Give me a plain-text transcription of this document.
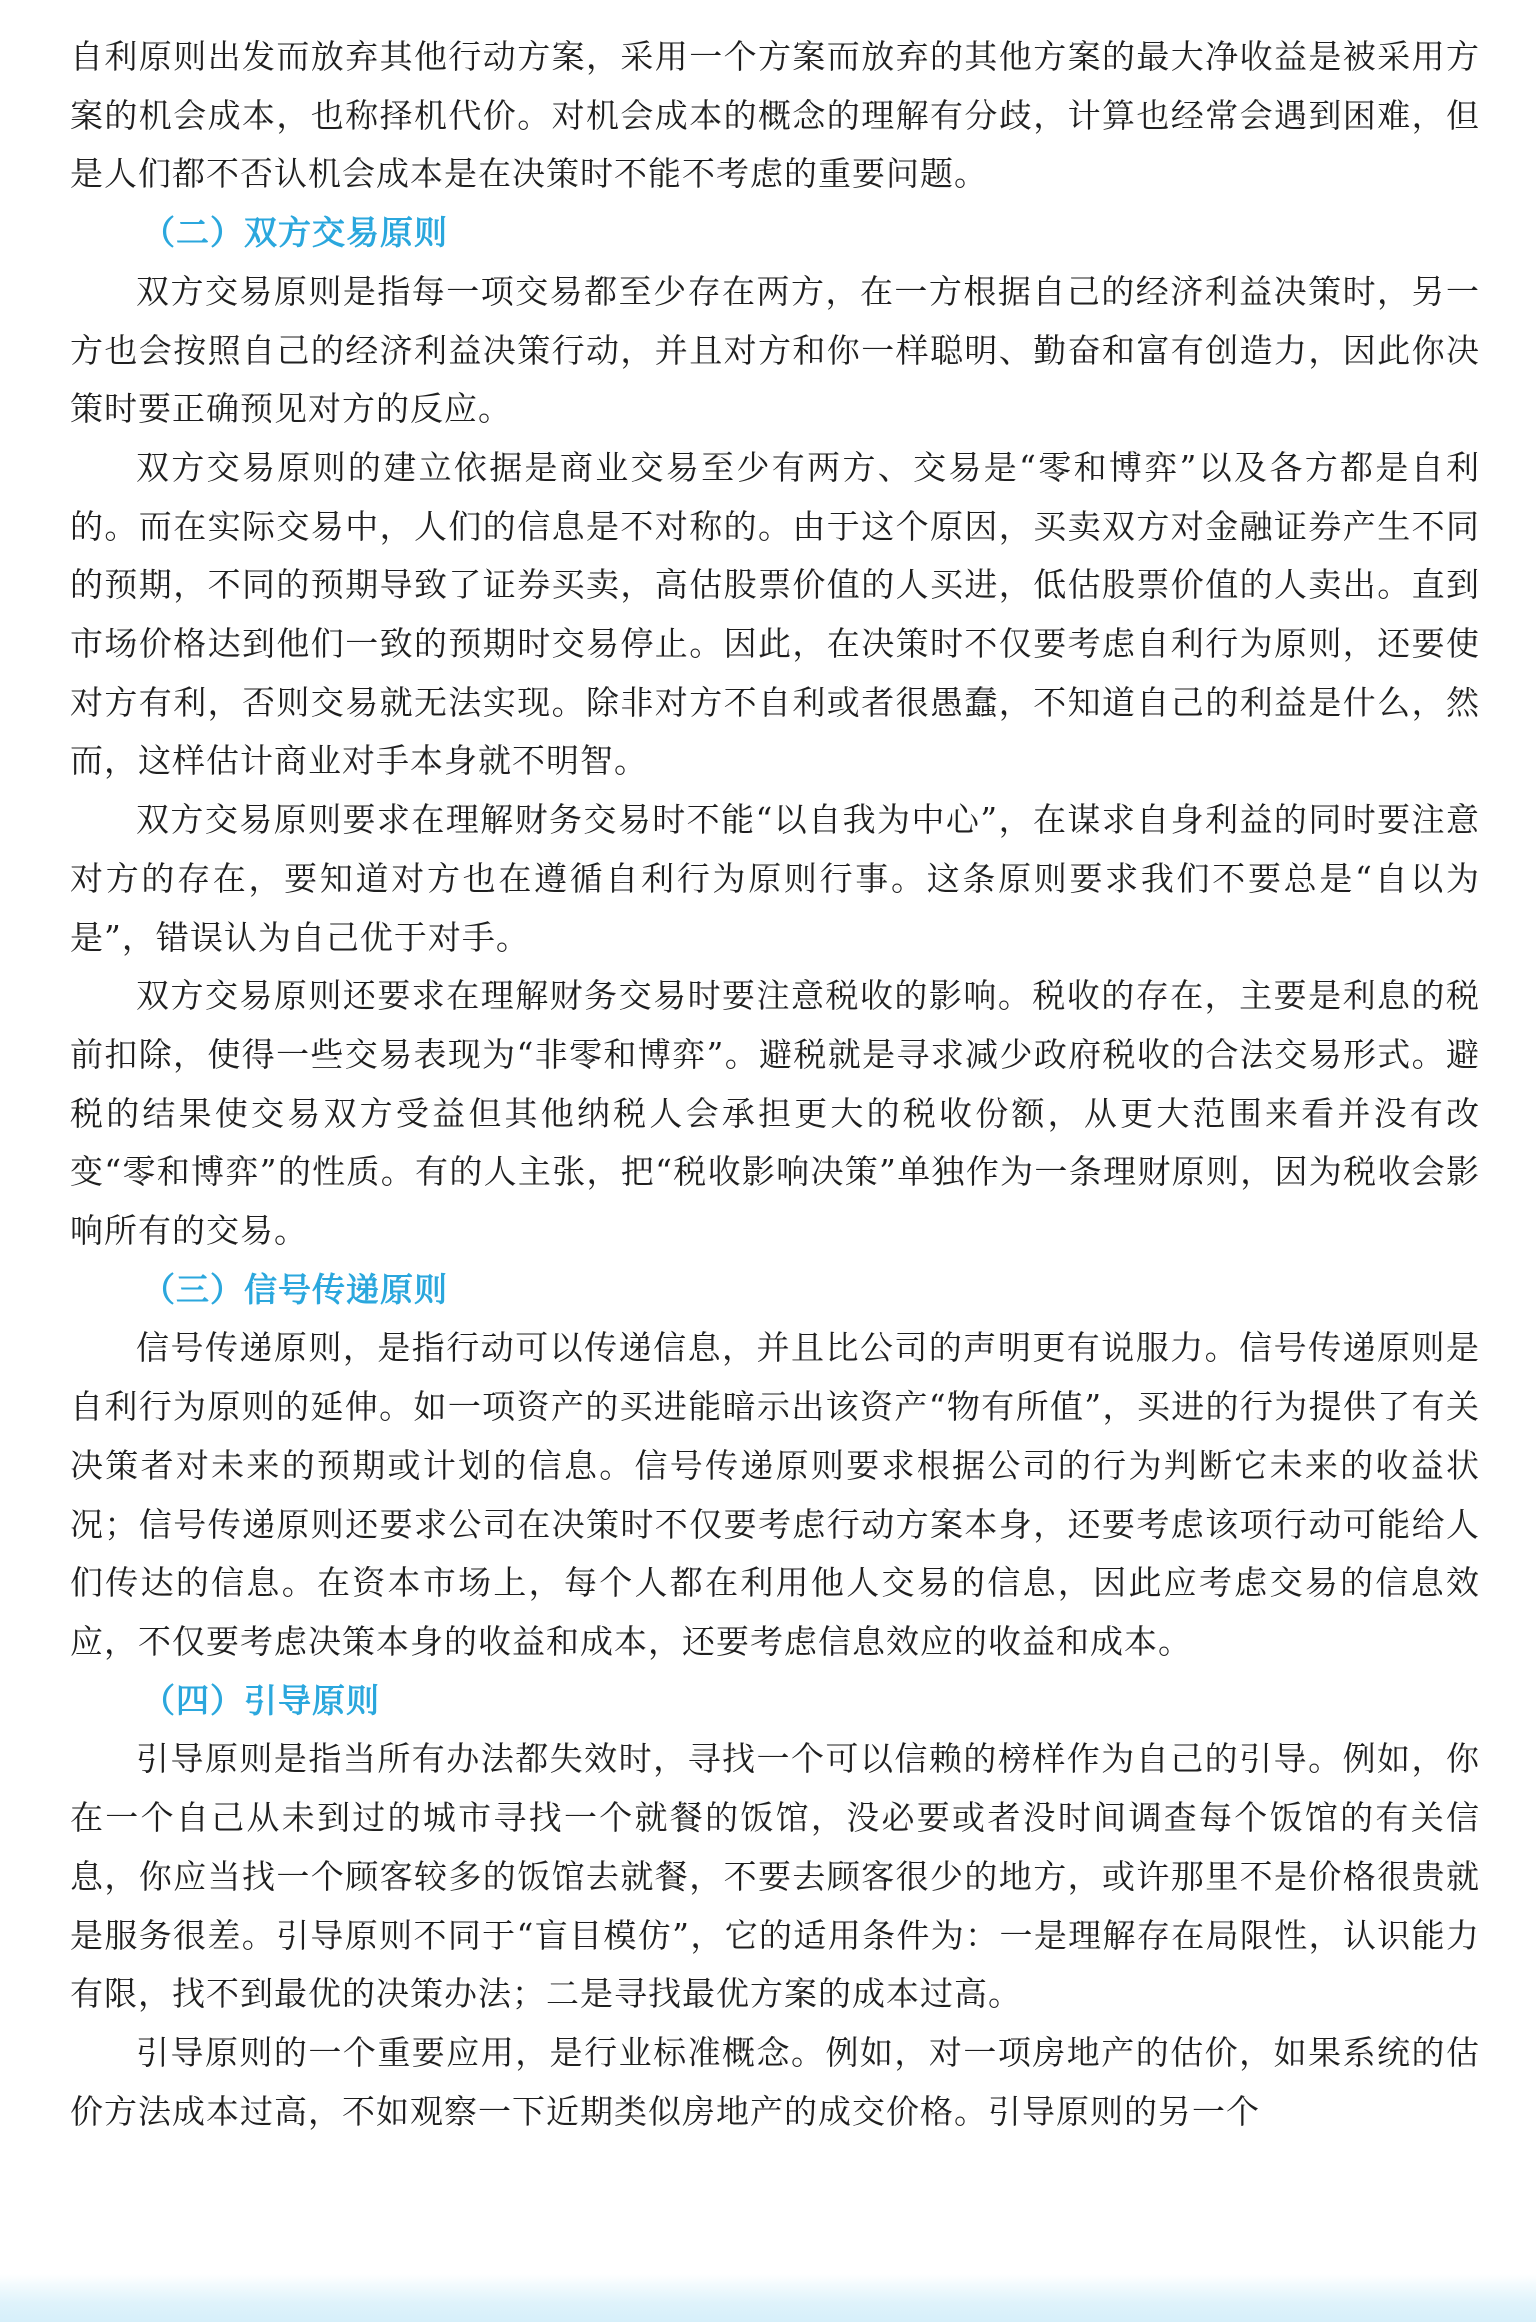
自利原则出发而放弃其他行动方案，采用一个方案而放弃的其他方案的最大净收益是被采用方案的机会成本，也称择机代价。对机会成本的概念的理解有分歧，计算也经常会遇到困难，但是人们都不否认机会成本是在决策时不能不考虑的重要问题。

（二）双方交易原则

双方交易原则是指每一项交易都至少存在两方，在一方根据自己的经济利益决策时，另一方也会按照自己的经济利益决策行动，并且对方和你一样聪明、勤奋和富有创造力，因此你决策时要正确预见对方的反应。

双方交易原则的建立依据是商业交易至少有两方、交易是“零和博弈”以及各方都是自利的。而在实际交易中，人们的信息是不对称的。由于这个原因，买卖双方对金融证券产生不同的预期，不同的预期导致了证券买卖，高估股票价值的人买进，低估股票价值的人卖出。直到市场价格达到他们一致的预期时交易停止。因此，在决策时不仅要考虑自利行为原则，还要使对方有利，否则交易就无法实现。除非对方不自利或者很愚蠢，不知道自己的利益是什么，然而，这样估计商业对手本身就不明智。

双方交易原则要求在理解财务交易时不能“以自我为中心”，在谋求自身利益的同时要注意对方的存在，要知道对方也在遵循自利行为原则行事。这条原则要求我们不要总是“自以为是”，错误认为自己优于对手。

双方交易原则还要求在理解财务交易时要注意税收的影响。税收的存在，主要是利息的税前扣除，使得一些交易表现为“非零和博弈”。避税就是寻求减少政府税收的合法交易形式。避税的结果使交易双方受益但其他纳税人会承担更大的税收份额，从更大范围来看并没有改变“零和博弈”的性质。有的人主张，把“税收影响决策”单独作为一条理财原则，因为税收会影响所有的交易。

（三）信号传递原则

信号传递原则，是指行动可以传递信息，并且比公司的声明更有说服力。信号传递原则是自利行为原则的延伸。如一项资产的买进能暗示出该资产“物有所值”，买进的行为提供了有关决策者对未来的预期或计划的信息。信号传递原则要求根据公司的行为判断它未来的收益状况；信号传递原则还要求公司在决策时不仅要考虑行动方案本身，还要考虑该项行动可能给人们传达的信息。在资本市场上，每个人都在利用他人交易的信息，因此应考虑交易的信息效应，不仅要考虑决策本身的收益和成本，还要考虑信息效应的收益和成本。

（四）引导原则

引导原则是指当所有办法都失效时，寻找一个可以信赖的榜样作为自己的引导。例如，你在一个自己从未到过的城市寻找一个就餐的饭馆，没必要或者没时间调查每个饭馆的有关信息，你应当找一个顾客较多的饭馆去就餐，不要去顾客很少的地方，或许那里不是价格很贵就是服务很差。引导原则不同于“盲目模仿”，它的适用条件为：一是理解存在局限性，认识能力有限，找不到最优的决策办法；二是寻找最优方案的成本过高。

引导原则的一个重要应用，是行业标准概念。例如，对一项房地产的估价，如果系统的估价方法成本过高，不如观察一下近期类似房地产的成交价格。引导原则的另一个
